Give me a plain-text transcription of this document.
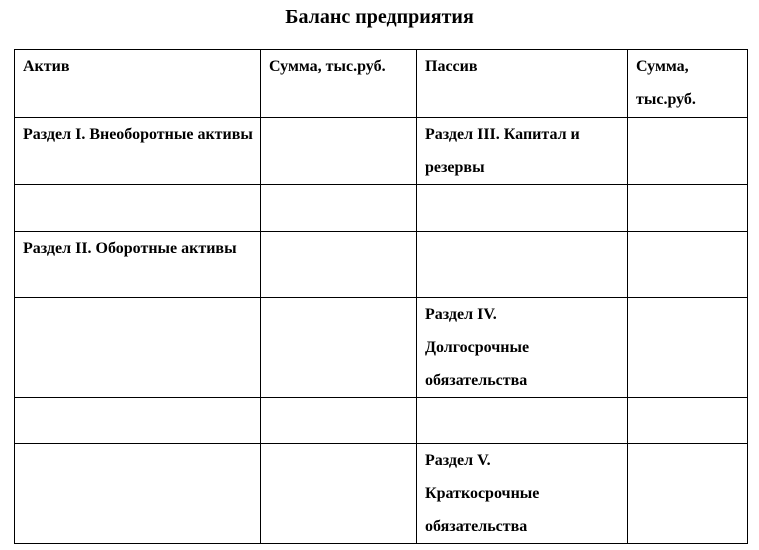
Баланс предприятия
Актив	Сумма, тыс.руб.	Пассив	Сумма, тыс.руб.
Раздел I. Внеоборотные активы		Раздел III. Капитал и резервы	

Раздел II. Оборотные активы			
		Раздел IV. Долгосрочные обязательства	

		Раздел V. Краткосрочные обязательства	
